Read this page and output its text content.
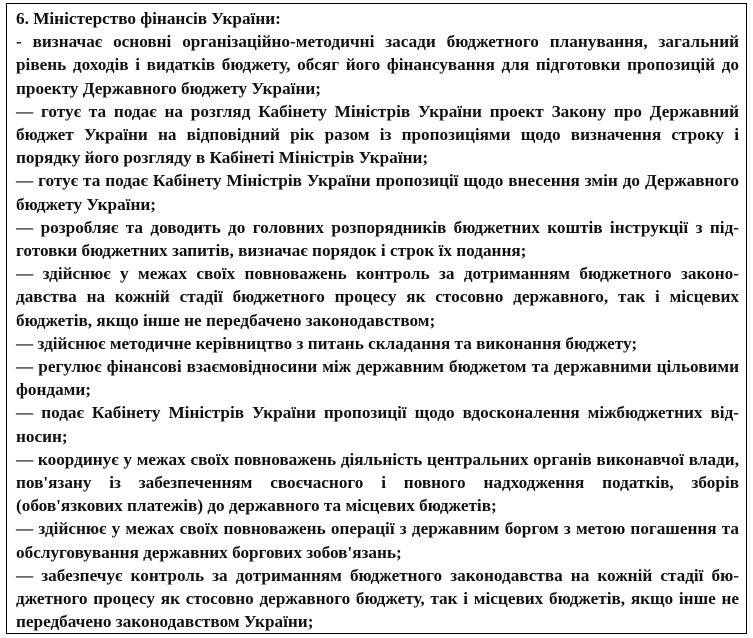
6. Міністерство фінансів України:

- визначає основні організаційно-методичні засади бюджетного планування, загальний рівень доходів і видатків бюджету, обсяг його фінансування для підготовки пропозицій до проекту Державного бюджету України;

— готує та подає на розгляд Кабінету Міністрів України проект Закону про Державний бюджет України на відповідний рік разом із пропозиціями щодо визначення строку і порядку його розгляду в Кабінеті Міністрів України;

— готує та подає Кабінету Міністрів України пропозиції щодо внесення змін до Державного бюджету України;

— розробляє та доводить до головних розпорядників бюджетних коштів інструкції з підготовки бюджетних запитів, визначає порядок і строк їх подання;

— здійснює у межах своїх повноважень контроль за дотриманням бюджетного законодавства на кожній стадії бюджетного процесу як стосовно державного, так і місцевих бюджетів, якщо інше не передбачено законодавством;

— здійснює методичне керівництво з питань складання та виконання бюджету;

— регулює фінансові взаємовідносини між державним бюджетом та державними цільовими фондами;

— подає Кабінету Міністрів України пропозиції щодо вдосконалення міжбюджетних відносин;

— координує у межах своїх повноважень діяльність центральних органів виконавчої влади, пов'язану із забезпеченням своєчасного і повного надходження податків, зборів (обов'язкових платежів) до державного та місцевих бюджетів;

— здійснює у межах своїх повноважень операції з державним боргом з метою погашення та обслуговування державних боргових зобов'язань;

— забезпечує контроль за дотриманням бюджетного законодавства на кожній стадії бюджетного процесу як стосовно державного бюджету, так і місцевих бюджетів, якщо інше не передбачено законодавством України;
